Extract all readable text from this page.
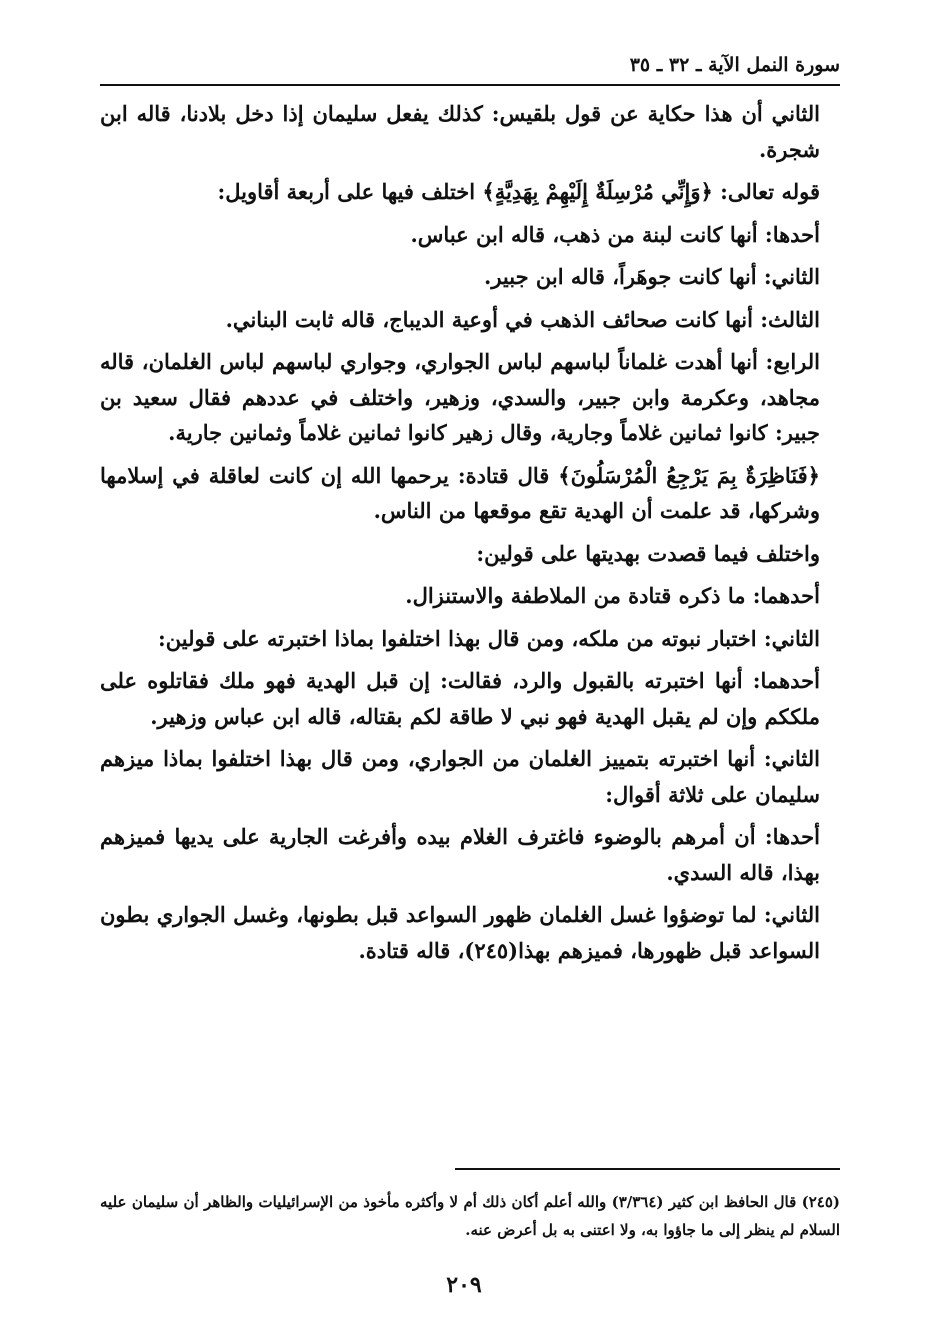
سورة النمل الآية ـ ٣٢ ـ ٣٥

الثاني أن هذا حكاية عن قول بلقيس: كذلك يفعل سليمان إذا دخل بلادنا، قاله ابن شجرة.

قوله تعالى: ﴿وَإِنِّي مُرْسِلَةٌ إِلَيْهِمْ بِهَدِيَّةٍ﴾ اختلف فيها على أربعة أقاويل:

أحدها: أنها كانت لبنة من ذهب، قاله ابن عباس.

الثاني: أنها كانت جوهَراً، قاله ابن جبير.

الثالث: أنها كانت صحائف الذهب في أوعية الديباج، قاله ثابت البناني.

الرابع: أنها أهدت غلماناً لباسهم لباس الجواري، وجواري لباسهم لباس الغلمان، قاله مجاهد، وعكرمة وابن جبير، والسدي، وزهير، واختلف في عددهم فقال سعيد بن جبير: كانوا ثمانين غلاماً وجارية، وقال زهير كانوا ثمانين غلاماً وثمانين جارية.

﴿فَنَاظِرَةٌ بِمَ يَرْجِعُ الْمُرْسَلُونَ﴾ قال قتادة: يرحمها الله إن كانت لعاقلة في إسلامها وشركها، قد علمت أن الهدية تقع موقعها من الناس.

واختلف فيما قصدت بهديتها على قولين:

أحدهما: ما ذكره قتادة من الملاطفة والاستنزال.

الثاني: اختبار نبوته من ملكه، ومن قال بهذا اختلفوا بماذا اختبرته على قولين:

أحدهما: أنها اختبرته بالقبول والرد، فقالت: إن قبل الهدية فهو ملك فقاتلوه على ملككم وإن لم يقبل الهدية فهو نبي لا طاقة لكم بقتاله، قاله ابن عباس وزهير.

الثاني: أنها اختبرته بتمييز الغلمان من الجواري، ومن قال بهذا اختلفوا بماذا ميزهم سليمان على ثلاثة أقوال:

أحدها: أن أمرهم بالوضوء فاغترف الغلام بيده وأفرغت الجارية على يديها فميزهم بهذا، قاله السدي.

الثاني: لما توضؤوا غسل الغلمان ظهور السواعد قبل بطونها، وغسل الجواري بطون السواعد قبل ظهورها، فميزهم بهذا(٢٤٥)، قاله قتادة.

(٢٤٥) قال الحافظ ابن كثير (٣/٣٦٤) والله أعلم أكان ذلك أم لا وأكثره مأخوذ من الإسرائيليات والظاهر أن سليمان عليه السلام لم ينظر إلى ما جاؤوا به، ولا اعتنى به بل أعرض عنه.

٢٠٩
